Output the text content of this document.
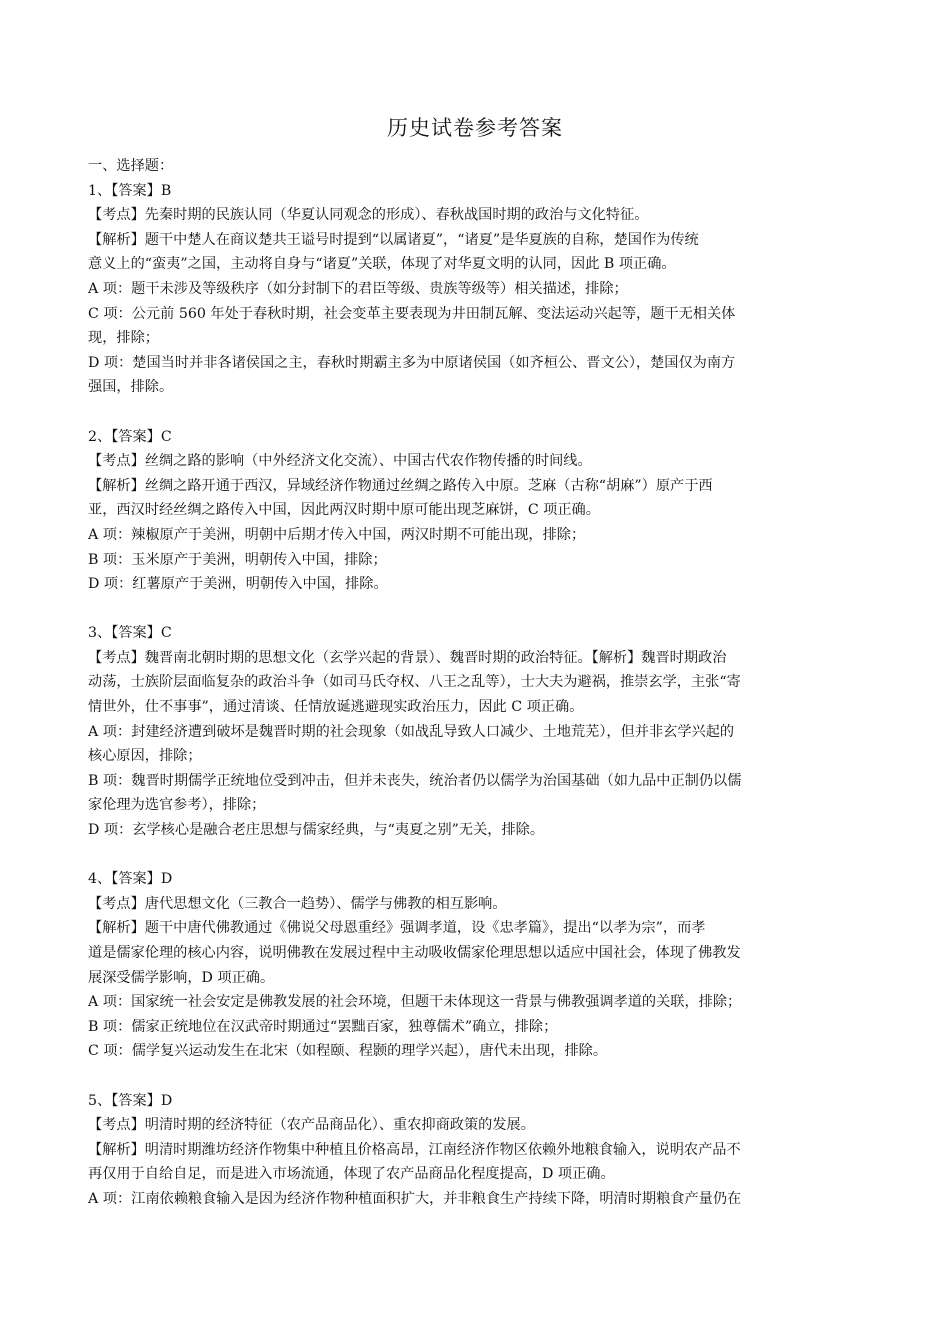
历史试卷参考答案
一、选择题：
1、【答案】B
【考点】先秦时期的民族认同（华夏认同观念的形成）、春秋战国时期的政治与文化特征。
【解析】题干中楚人在商议楚共王谥号时提到“以属诸夏”，“诸夏”是华夏族的自称，楚国作为传统
意义上的“蛮夷”之国，主动将自身与“诸夏”关联，体现了对华夏文明的认同，因此 B 项正确。
A 项：题干未涉及等级秩序（如分封制下的君臣等级、贵族等级等）相关描述，排除；
C 项：公元前 560 年处于春秋时期，社会变革主要表现为井田制瓦解、变法运动兴起等，题干无相关体
现，排除；
D 项：楚国当时并非各诸侯国之主，春秋时期霸主多为中原诸侯国（如齐桓公、晋文公），楚国仅为南方
强国，排除。
2、【答案】C
【考点】丝绸之路的影响（中外经济文化交流）、中国古代农作物传播的时间线。
【解析】丝绸之路开通于西汉，异域经济作物通过丝绸之路传入中原。芝麻（古称“胡麻”）原产于西
亚，西汉时经丝绸之路传入中国，因此两汉时期中原可能出现芝麻饼，C 项正确。
A 项：辣椒原产于美洲，明朝中后期才传入中国，两汉时期不可能出现，排除；
B 项：玉米原产于美洲，明朝传入中国，排除；
D 项：红薯原产于美洲，明朝传入中国，排除。
3、【答案】C
【考点】魏晋南北朝时期的思想文化（玄学兴起的背景）、魏晋时期的政治特征。【解析】魏晋时期政治
动荡，士族阶层面临复杂的政治斗争（如司马氏夺权、八王之乱等），士大夫为避祸，推崇玄学，主张“寄
情世外，仕不事事”，通过清谈、任情放诞逃避现实政治压力，因此 C 项正确。
A 项：封建经济遭到破坏是魏晋时期的社会现象（如战乱导致人口减少、土地荒芜），但并非玄学兴起的
核心原因，排除；
B 项：魏晋时期儒学正统地位受到冲击，但并未丧失，统治者仍以儒学为治国基础（如九品中正制仍以儒
家伦理为选官参考），排除；
D 项：玄学核心是融合老庄思想与儒家经典，与“夷夏之别”无关，排除。
4、【答案】D
【考点】唐代思想文化（三教合一趋势）、儒学与佛教的相互影响。
【解析】题干中唐代佛教通过《佛说父母恩重经》强调孝道，设《忠孝篇》，提出“以孝为宗”，而孝
道是儒家伦理的核心内容，说明佛教在发展过程中主动吸收儒家伦理思想以适应中国社会，体现了佛教发
展深受儒学影响，D 项正确。
A 项：国家统一社会安定是佛教发展的社会环境，但题干未体现这一背景与佛教强调孝道的关联，排除；
B 项：儒家正统地位在汉武帝时期通过“罢黜百家，独尊儒术”确立，排除；
C 项：儒学复兴运动发生在北宋（如程颐、程颢的理学兴起），唐代未出现，排除。
5、【答案】D
【考点】明清时期的经济特征（农产品商品化）、重农抑商政策的发展。
【解析】明清时期潍坊经济作物集中种植且价格高昂，江南经济作物区依赖外地粮食输入，说明农产品不
再仅用于自给自足，而是进入市场流通，体现了农产品商品化程度提高，D 项正确。
A 项：江南依赖粮食输入是因为经济作物种植面积扩大，并非粮食生产持续下降，明清时期粮食产量仍在
